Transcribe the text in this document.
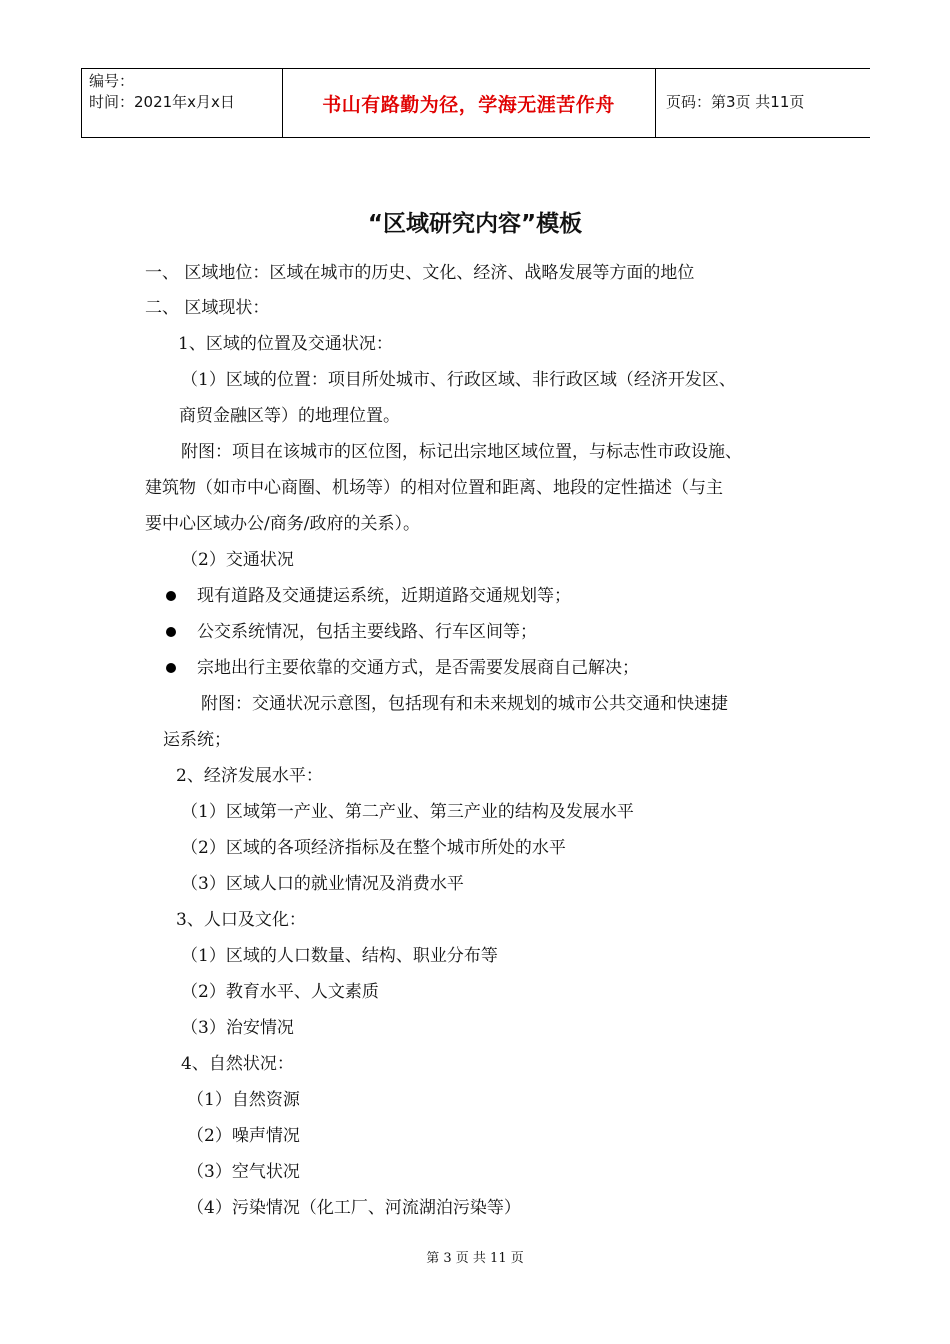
编号：
时间：2021年x月x日	书山有路勤为径，学海无涯苦作舟	页码：第3页 共11页
“区域研究内容”模板
一、 区域地位：区域在城市的历史、文化、经济、战略发展等方面的地位
二、 区域现状：
1、区域的位置及交通状况：
（1）区域的位置：项目所处城市、行政区域、非行政区域（经济开发区、
商贸金融区等）的地理位置。
附图：项目在该城市的区位图，标记出宗地区域位置，与标志性市政设施、
建筑物（如市中心商圈、机场等）的相对位置和距离、地段的定性描述（与主
要中心区域办公/商务/政府的关系）。
（2）交通状况
现有道路及交通捷运系统，近期道路交通规划等；
公交系统情况，包括主要线路、行车区间等；
宗地出行主要依靠的交通方式，是否需要发展商自己解决；
附图：交通状况示意图，包括现有和未来规划的城市公共交通和快速捷
运系统；
2、经济发展水平：
（1）区域第一产业、第二产业、第三产业的结构及发展水平
（2）区域的各项经济指标及在整个城市所处的水平
（3）区域人口的就业情况及消费水平
3、人口及文化：
（1）区域的人口数量、结构、职业分布等
（2）教育水平、人文素质
（3）治安情况
4、自然状况：
（1）自然资源
（2）噪声情况
（3）空气状况
（4）污染情况（化工厂、河流湖泊污染等）
第 3 页 共 11 页
